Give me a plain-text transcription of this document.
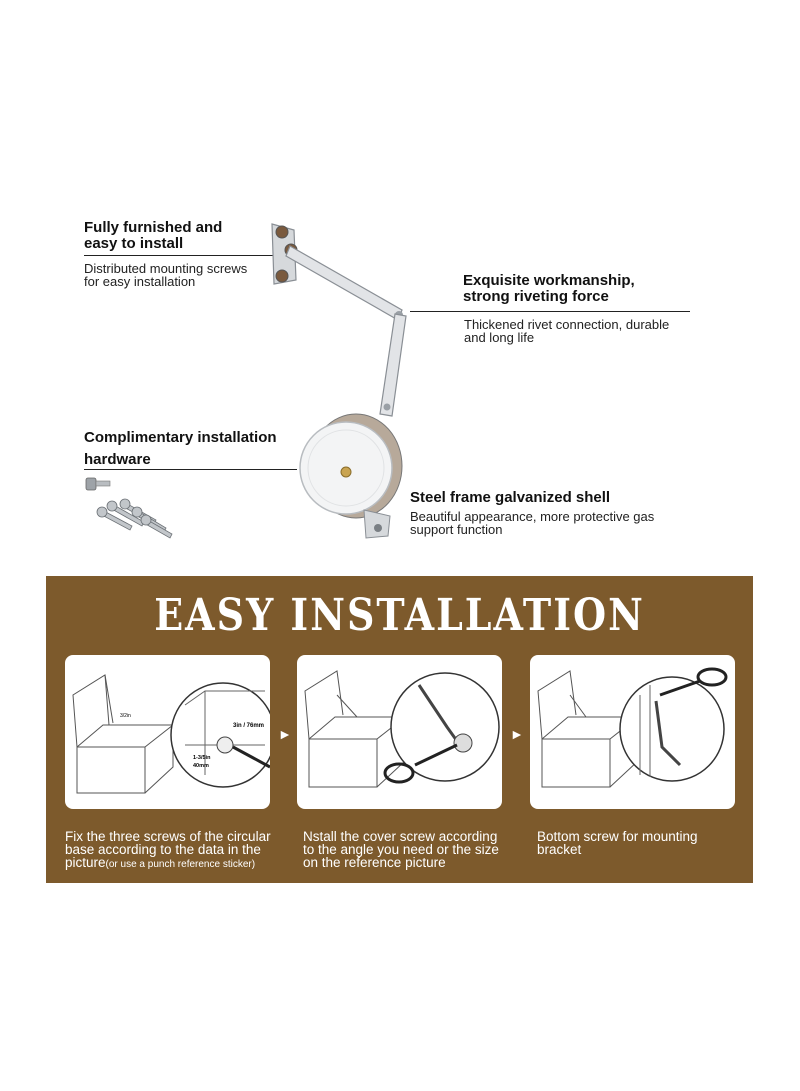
Fully furnished and
easy to install
Distributed mounting screws
for easy installation	Exquisite workmanship,
strong riveting force
Thickened rivet connection, durable
and long life
Complimentary installation
hardware
Steel frame galvanized shell
Beautiful appearance, more protective gas
support function
EASY INSTALLATION
3/2in
3in / 76mm
1-3/5in
40mm
►	►
Fix the three screws of the circular
base according to the data in the
picture(or use a punch reference sticker)
Nstall the cover screw according
to the angle you need or the size
on the reference picture
Bottom screw for mounting
bracket
